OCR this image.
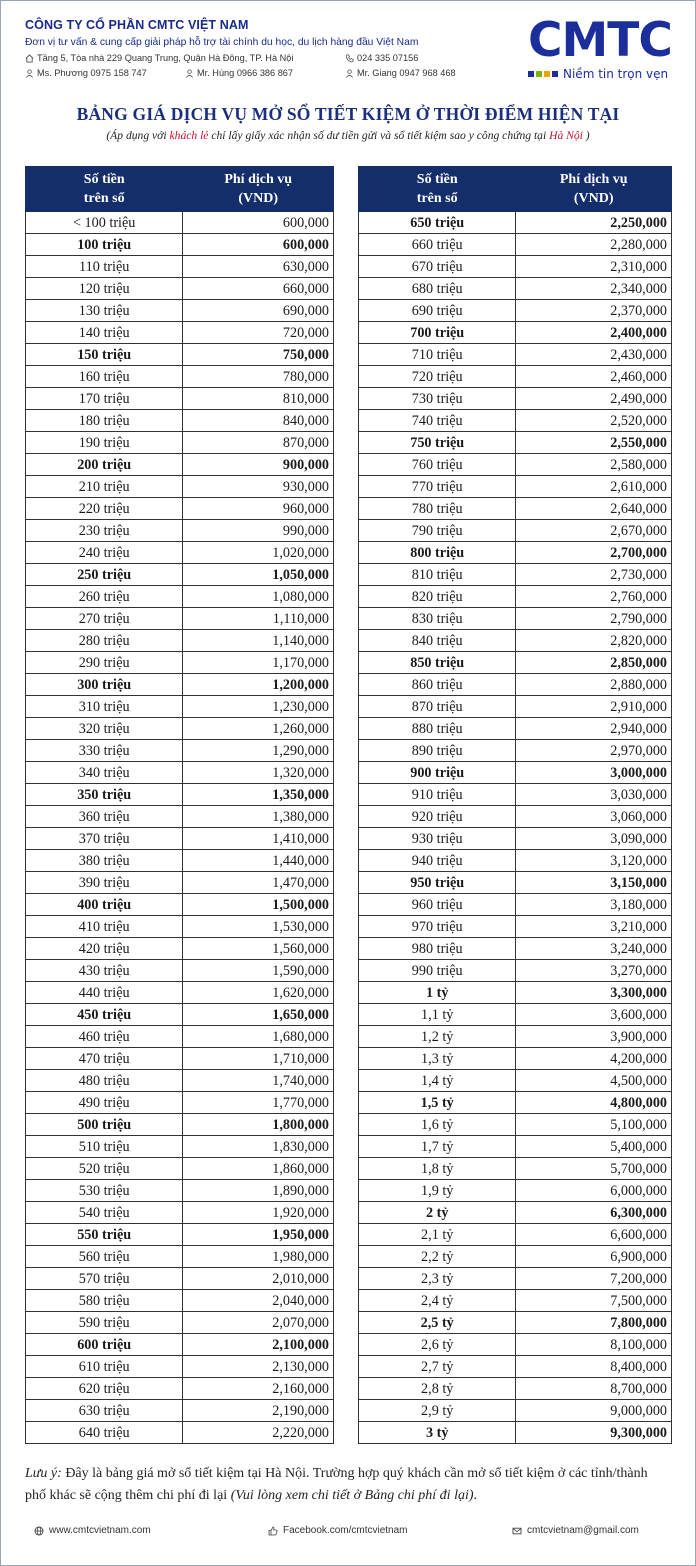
CÔNG TY CỔ PHẦN CMTC VIỆT NAM
Đơn vị tư vấn & cung cấp giải pháp hỗ trợ tài chính du học, du lịch hàng đầu Việt Nam
Tầng 5, Tòa nhà 229 Quang Trung, Quận Hà Đông, TP. Hà Nội	024 335 07156
Ms. Phương 0975 158 747	Mr. Hùng 0966 386 867	Mr. Giang 0947 968 468
CMTC
Niềm tin trọn vẹn
BẢNG GIÁ DỊCH VỤ MỞ SỔ TIẾT KIỆM Ở THỜI ĐIỂM HIỆN TẠI
(Áp dụng với khách lẻ chỉ lấy giấy xác nhận số dư tiền gửi và sổ tiết kiệm sao y công chứng tại Hà Nội )
Số tiền
trên sổ	Phí dịch vụ
(VND)
< 100 triệu	600,000
100 triệu	600,000
110 triệu	630,000
120 triệu	660,000
130 triệu	690,000
140 triệu	720,000
150 triệu	750,000
160 triệu	780,000
170 triệu	810,000
180 triệu	840,000
190 triệu	870,000
200 triệu	900,000
210 triệu	930,000
220 triệu	960,000
230 triệu	990,000
240 triệu	1,020,000
250 triệu	1,050,000
260 triệu	1,080,000
270 triệu	1,110,000
280 triệu	1,140,000
290 triệu	1,170,000
300 triệu	1,200,000
310 triệu	1,230,000
320 triệu	1,260,000
330 triệu	1,290,000
340 triệu	1,320,000
350 triệu	1,350,000
360 triệu	1,380,000
370 triệu	1,410,000
380 triệu	1,440,000
390 triệu	1,470,000
400 triệu	1,500,000
410 triệu	1,530,000
420 triệu	1,560,000
430 triệu	1,590,000
440 triệu	1,620,000
450 triệu	1,650,000
460 triệu	1,680,000
470 triệu	1,710,000
480 triệu	1,740,000
490 triệu	1,770,000
500 triệu	1,800,000
510 triệu	1,830,000
520 triệu	1,860,000
530 triệu	1,890,000
540 triệu	1,920,000
550 triệu	1,950,000
560 triệu	1,980,000
570 triệu	2,010,000
580 triệu	2,040,000
590 triệu	2,070,000
600 triệu	2,100,000
610 triệu	2,130,000
620 triệu	2,160,000
630 triệu	2,190,000
640 triệu	2,220,000
Số tiền
trên sổ	Phí dịch vụ
(VND)
650 triệu	2,250,000
660 triệu	2,280,000
670 triệu	2,310,000
680 triệu	2,340,000
690 triệu	2,370,000
700 triệu	2,400,000
710 triệu	2,430,000
720 triệu	2,460,000
730 triệu	2,490,000
740 triệu	2,520,000
750 triệu	2,550,000
760 triệu	2,580,000
770 triệu	2,610,000
780 triệu	2,640,000
790 triệu	2,670,000
800 triệu	2,700,000
810 triệu	2,730,000
820 triệu	2,760,000
830 triệu	2,790,000
840 triệu	2,820,000
850 triệu	2,850,000
860 triệu	2,880,000
870 triệu	2,910,000
880 triệu	2,940,000
890 triệu	2,970,000
900 triệu	3,000,000
910 triệu	3,030,000
920 triệu	3,060,000
930 triệu	3,090,000
940 triệu	3,120,000
950 triệu	3,150,000
960 triệu	3,180,000
970 triệu	3,210,000
980 triệu	3,240,000
990 triệu	3,270,000
1 tỷ	3,300,000
1,1 tỷ	3,600,000
1,2 tỷ	3,900,000
1,3 tỷ	4,200,000
1,4 tỷ	4,500,000
1,5 tỷ	4,800,000
1,6 tỷ	5,100,000
1,7 tỷ	5,400,000
1,8 tỷ	5,700,000
1,9 tỷ	6,000,000
2 tỷ	6,300,000
2,1 tỷ	6,600,000
2,2 tỷ	6,900,000
2,3 tỷ	7,200,000
2,4 tỷ	7,500,000
2,5 tỷ	7,800,000
2,6 tỷ	8,100,000
2,7 tỷ	8,400,000
2,8 tỷ	8,700,000
2,9 tỷ	9,000,000
3 tỷ	9,300,000
Lưu ý: Đây là bảng giá mở sổ tiết kiệm tại Hà Nội. Trường hợp quý khách cần mở sổ tiết kiệm ở các tỉnh/thành phố khác sẽ cộng thêm chi phí đi lại (Vui lòng xem chi tiết ở Bảng chi phí đi lại).
www.cmtcvietnam.com	Facebook.com/cmtcvietnam	cmtcvietnam@gmail.com
